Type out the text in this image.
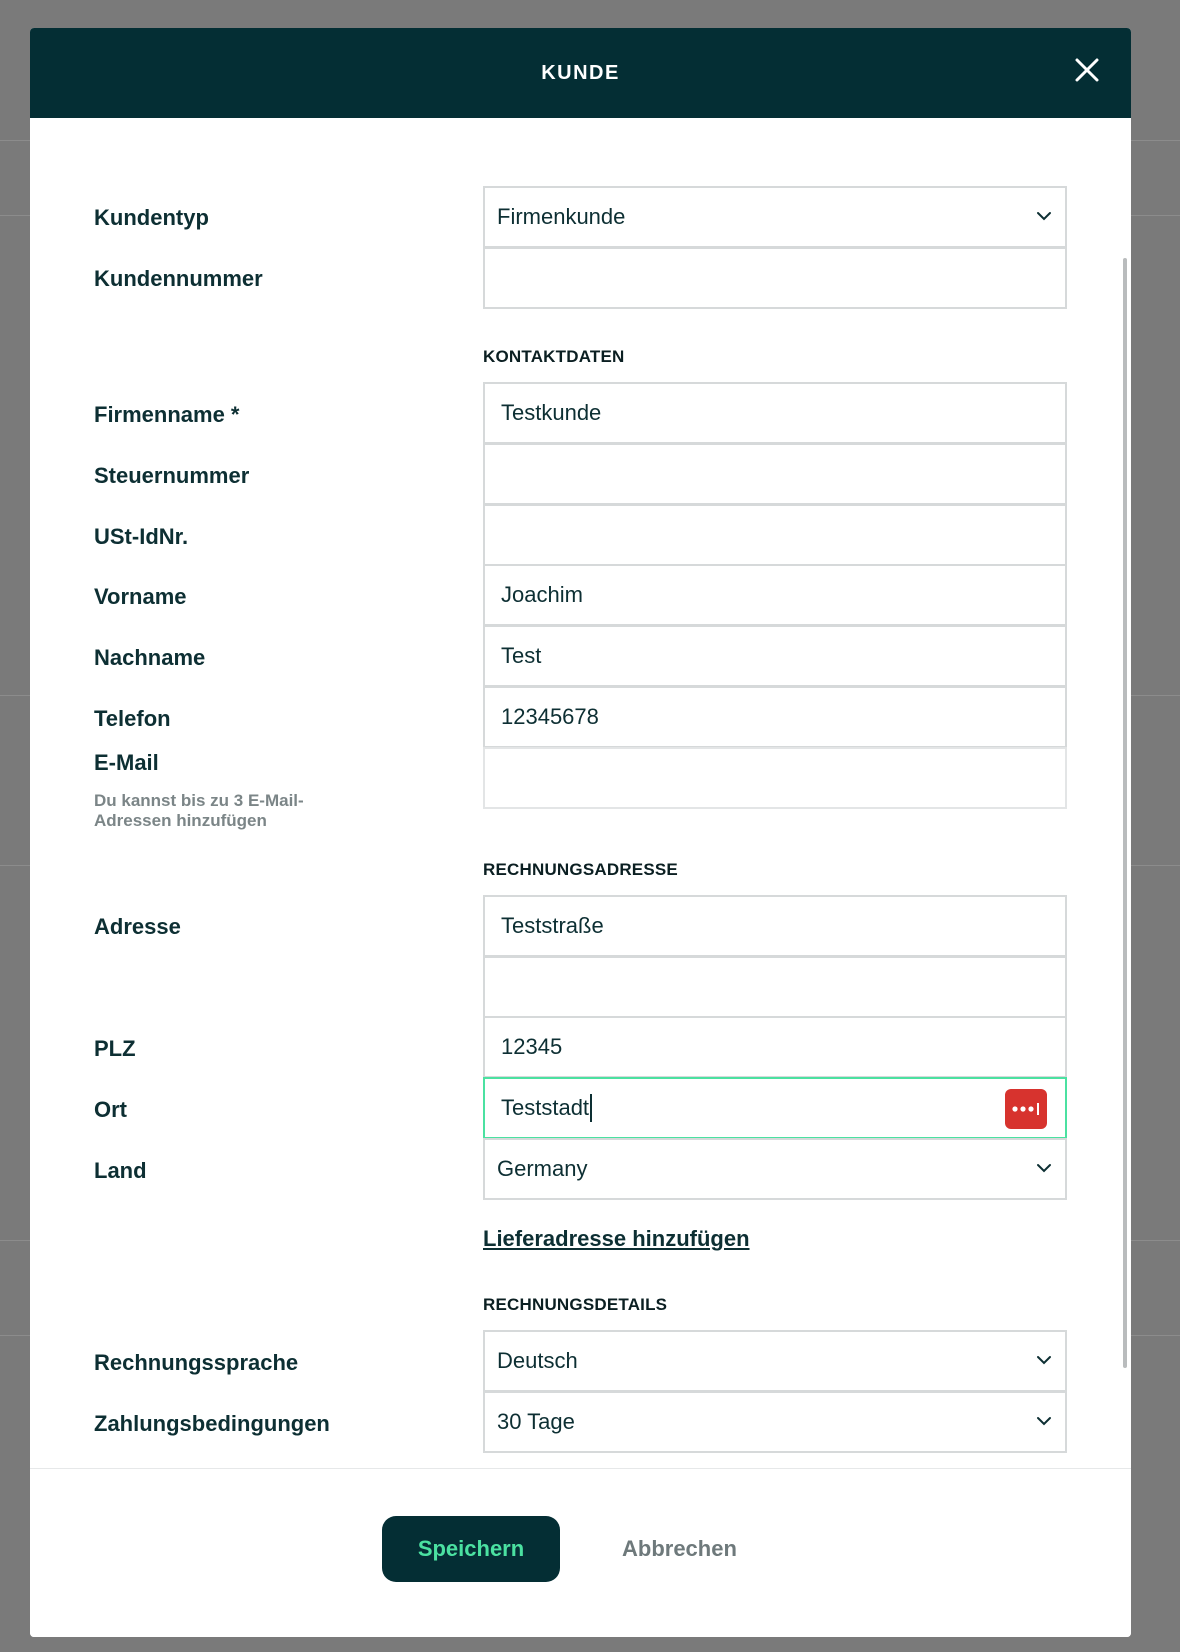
KUNDE
Kundentyp	Firmenkunde
Kundennummer
KONTAKTDATEN
Firmenname *	Testkunde
Steuernummer
USt-IdNr.
Vorname	Joachim
Nachname	Test
Telefon	12345678
E-Mail
Du kannst bis zu 3 E-Mail-Adressen hinzufügen
RECHNUNGSADRESSE
Adresse	Teststraße
PLZ	12345
Ort	Teststadt
Land	Germany
Lieferadresse hinzufügen
RECHNUNGSDETAILS
Rechnungssprache	Deutsch
Zahlungsbedingungen	30 Tage
Speichern	Abbrechen
